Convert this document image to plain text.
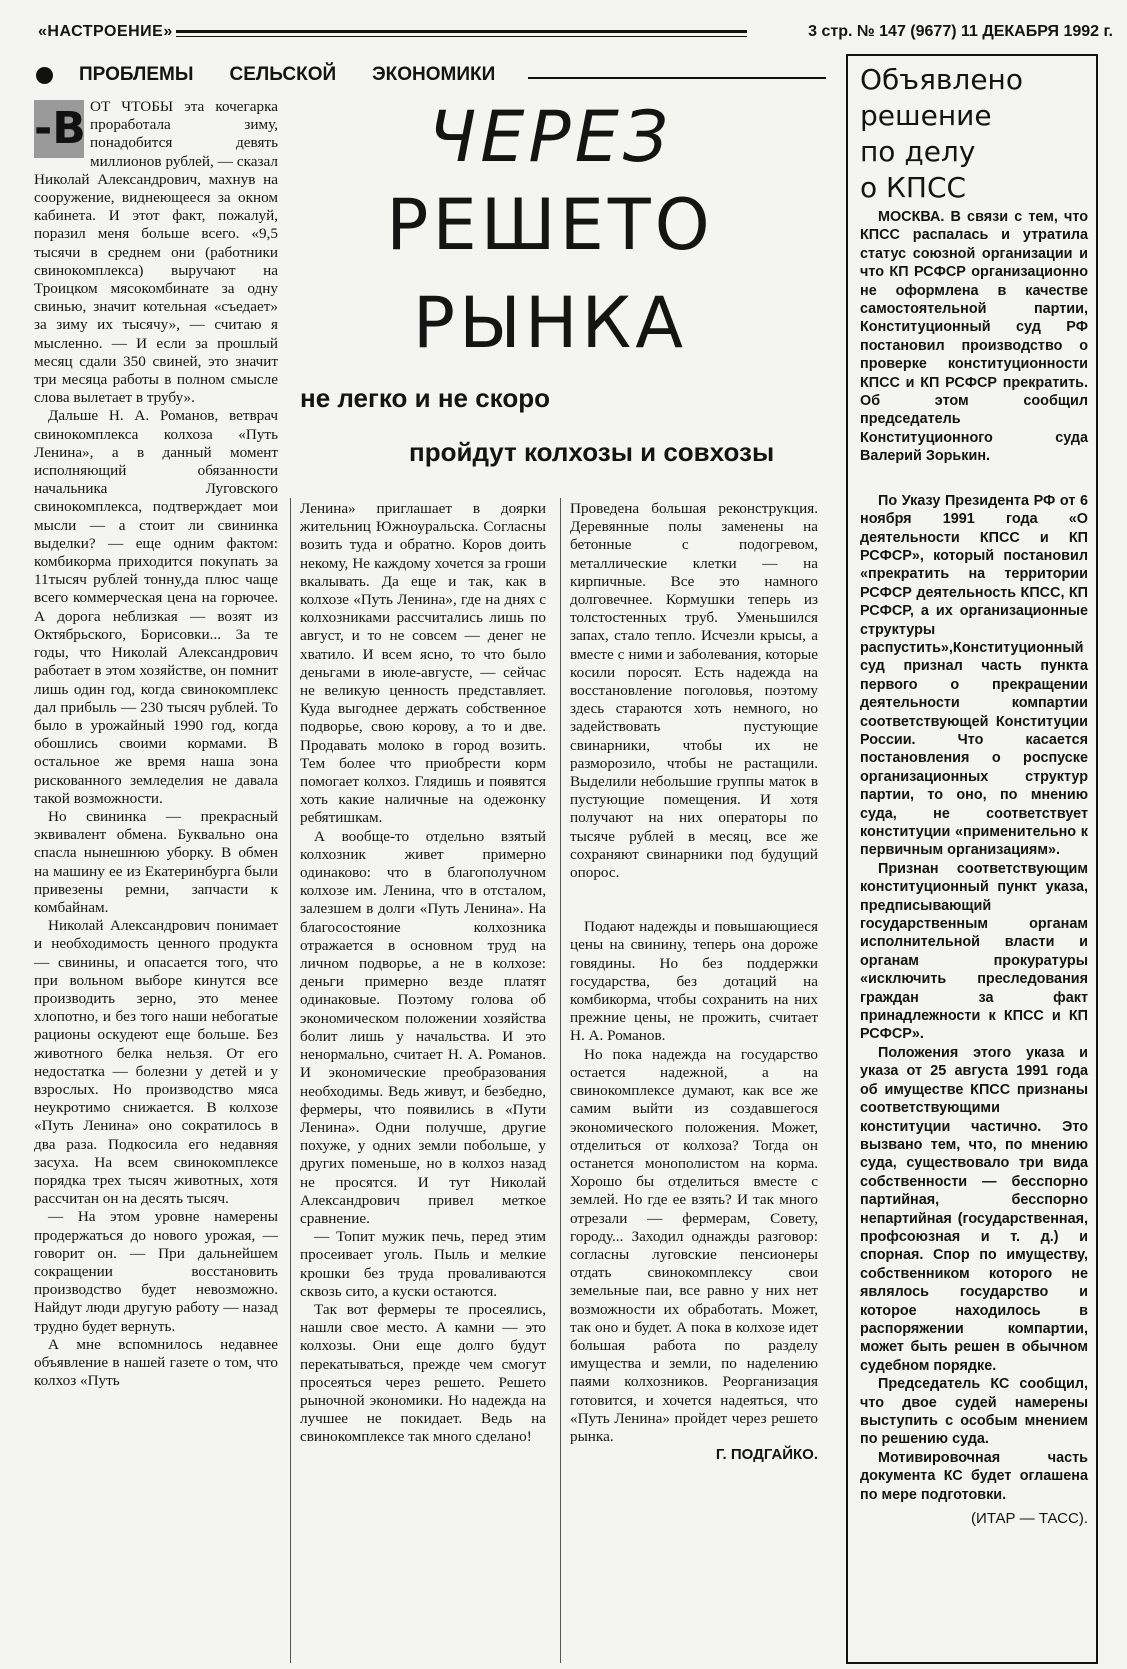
«НАСТРОЕНИЕ»	3 стр. № 147 (9677) 11 ДЕКАБРЯ 1992 г.
ПРОБЛЕМЫ СЕЛЬСКОЙ ЭКОНОМИКИ
ЧЕРЕЗ
РЕШЕТО
РЫНКА
не легко и не скоро
пройдут колхозы и совхозы
-В ОТ ЧТОБЫ эта кочегарка проработала зиму, понадобится девять миллионов рублей, — сказал Николай Александрович, махнув на сооружение, виднеющееся за окном кабинета. И этот факт, пожалуй, поразил меня больше всего. «9,5 тысячи в среднем они (работники свинокомплекса) выручают на Троицком мясокомбинате за одну свинью, значит котельная «съедает» за зиму их тысячу», — считаю я мысленно. — И если за прошлый месяц сдали 350 свиней, это значит три месяца работы в полном смысле слова вылетает в трубу».

Дальше Н. А. Романов, ветврач свинокомплекса колхоза «Путь Ленина», а в данный момент исполняющий обязанности начальника Луговского свинокомплекса, подтверждает мои мысли — а стоит ли свининка выделки? — еще одним фактом: комбикорма приходится покупать за 11тысяч рублей тонну,да плюс чаще всего коммерческая цена на горючее. А дорога неблизкая — возят из Октябрьского, Борисовки... За те годы, что Николай Александрович работает в этом хозяйстве, он помнит лишь один год, когда свинокомплекс дал прибыль — 230 тысяч рублей. То было в урожайный 1990 год, когда обошлись своими кормами. В остальное же время наша зона рискованного земледелия не давала такой возможности.

Но свининка — прекрасный эквивалент обмена. Буквально она спасла нынешнюю уборку. В обмен на машину ее из Екатеринбурга были привезены ремни, запчасти к комбайнам.

Николай Александрович понимает и необходимость ценного продукта — свинины, и опасается того, что при вольном выборе кинутся все производить зерно, это менее хлопотно, и без того наши небогатые рационы оскудеют еще больше. Без животного белка нельзя. От его недостатка — болезни у детей и у взрослых. Но производство мяса неукротимо снижается. В колхозе «Путь Ленина» оно сократилось в два раза. Подкосила его недавняя засуха. На всем свинокомплексе порядка трех тысяч животных, хотя рассчитан он на десять тысяч.

— На этом уровне намерены продержаться до нового урожая, — говорит он. — При дальнейшем сокращении восстановить производство будет невозможно. Найдут люди другую работу — назад трудно будет вернуть.

А мне вспомнилось недавнее объявление в нашей газете о том, что колхоз «Путь

Ленина» приглашает в доярки жительниц Южноуральска. Согласны возить туда и обратно. Коров доить некому, Не каждому хочется за гроши вкалывать. Да еще и так, как в колхозе «Путь Ленина», где на днях с колхозниками рассчитались лишь по август, и то не совсем — денег не хватило. И всем ясно, то что было деньгами в июле-августе, — сейчас не великую ценность представляет. Куда выгоднее держать собственное подворье, свою корову, а то и две. Продавать молоко в город возить. Тем более что приобрести корм помогает колхоз. Глядишь и появятся хоть какие наличные на одежонку ребятишкам.

А вообще-то отдельно взятый колхозник живет примерно одинаково: что в благополучном колхозе им. Ленина, что в отсталом, залезшем в долги «Путь Ленина». На благосостояние колхозника отражается в основном труд на личном подворье, а не в колхозе: деньги примерно везде платят одинаковые. Поэтому голова об экономическом положении хозяйства болит лишь у начальства. И это ненормально, считает Н. А. Романов. И экономические преобразования необходимы. Ведь живут, и безбедно, фермеры, что появились в «Пути Ленина». Одни получше, другие похуже, у одних земли побольше, у других поменьше, но в колхоз назад не просятся. И тут Николай Александрович привел меткое сравнение.

— Топит мужик печь, перед этим просеивает уголь. Пыль и мелкие крошки без труда проваливаются сквозь сито, а куски остаются.

Так вот фермеры те просеялись, нашли свое место. А камни — это колхозы. Они еще долго будут перекатываться, прежде чем смогут просеяться через решето. Решето рыночной экономики. Но надежда на лучшее не покидает. Ведь на свинокомплексе так много сделано!

Проведена большая реконструкция. Деревянные полы заменены на бетонные с подогревом, металлические клетки — на кирпичные. Все это намного долговечнее. Кормушки теперь из толстостенных труб. Уменьшился запах, стало тепло. Исчезли крысы, а вместе с ними и заболевания, которые косили поросят. Есть надежда на восстановление поголовья, поэтому здесь стараются хоть немного, но задействовать пустующие свинарники, чтобы их не разморозило, чтобы не растащили. Выделили небольшие группы маток в пустующие помещения. И хотя получают на них операторы по тысяче рублей в месяц, все же сохраняют свинарники под будущий опорос.

Подают надежды и повышающиеся цены на свинину, теперь она дороже говядины. Но без поддержки государства, без дотаций на комбикорма, чтобы сохранить на них прежние цены, не прожить, считает Н. А. Романов.

Но пока надежда на государство остается надежной, а на свинокомплексе думают, как все же самим выйти из создавшегося экономического положения. Может, отделиться от колхоза? Тогда он останется монополистом на корма. Хорошо бы отделиться вместе с землей. Но где ее взять? И так много отрезали — фермерам, Совету, городу... Заходил однажды разговор: согласны луговские пенсионеры отдать свинокомплексу свои земельные паи, все равно у них нет возможности их обработать. Может, так оно и будет. А пока в колхозе идет большая работа по разделу имущества и земли, по наделению паями колхозников. Реорганизация готовится, и хочется надеяться, что «Путь Ленина» пройдет через решето рынка.

Г. ПОДГАЙКО.

Объявлено
решение
по делу
о КПСС

МОСКВА. В связи с тем, что КПСС распалась и утратила статус союзной организации и что КП РСФСР организационно не оформлена в качестве самостоятельной партии, Конституционный суд РФ постановил производство о проверке конституционности КПСС и КП РСФСР прекратить. Об этом сообщил председатель Конституционного суда Валерий Зорькин.

По Указу Президента РФ от 6 ноября 1991 года «О деятельности КПСС и КП РСФСР», который постановил «прекратить на территории РСФСР деятельность КПСС, КП РСФСР, а их организационные структуры распустить»,Конституционный суд признал часть пункта первого о прекращении деятельности компартии соответствующей Конституции России. Что касается постановления о роспуске организационных структур партии, то оно, по мнению суда, не соответствует конституции «применительно к первичным организациям».

Признан соответствующим конституционный пункт указа, предписывающий государственным органам исполнительной власти и органам прокуратуры «исключить преследования граждан за факт принадлежности к КПСС и КП РСФСР».

Положения этого указа и указа от 25 августа 1991 года об имуществе КПСС признаны соответствующими конституции частично. Это вызвано тем, что, по мнению суда, существовало три вида собственности — бесспорно партийная, бесспорно непартийная (государственная, профсоюзная и т. д.) и спорная. Спор по имуществу, собственником которого не являлось государство и которое находилось в распоряжении компартии, может быть решен в обычном судебном порядке.

Председатель КС сообщил, что двое судей намерены выступить с особым мнением по решению суда.

Мотивировочная часть документа КС будет оглашена по мере подготовки.

(ИТАР — ТАСС).
